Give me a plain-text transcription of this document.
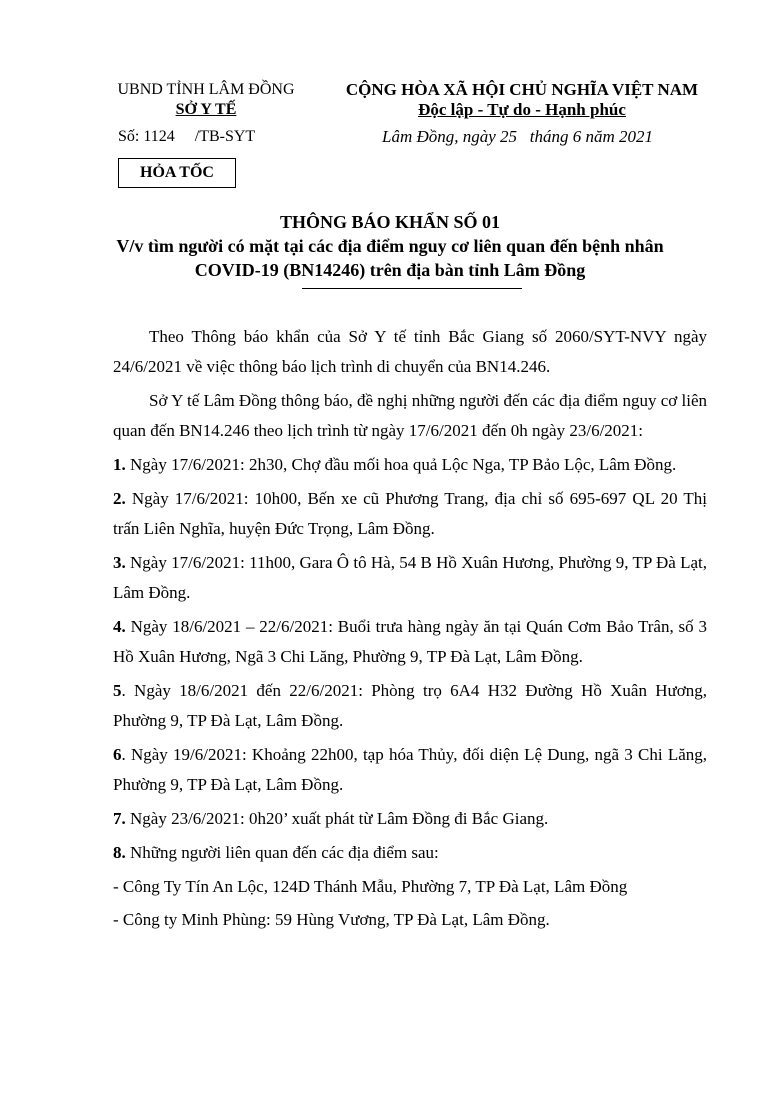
UBND TỈNH LÂM ĐỒNG
SỞ Y TẾ
CỘNG HÒA XÃ HỘI CHỦ NGHĨA VIỆT NAM
Độc lập - Tự do - Hạnh phúc
Số: 1124     /TB-SYT	Lâm Đồng, ngày 25   tháng 6 năm 2021
HỎA TỐC
THÔNG BÁO KHẨN SỐ 01
V/v tìm người có mặt tại các địa điểm nguy cơ liên quan đến bệnh nhân
COVID-19 (BN14246) trên địa bàn tỉnh Lâm Đồng

Theo Thông báo khẩn của Sở Y tế tỉnh Bắc Giang số 2060/SYT-NVY ngày 24/6/2021 về việc thông báo lịch trình di chuyển của BN14.246.

Sở Y tế Lâm Đồng thông báo, đề nghị những người đến các địa điểm nguy cơ liên quan đến BN14.246 theo lịch trình từ ngày 17/6/2021 đến 0h ngày 23/6/2021:

1. Ngày 17/6/2021: 2h30, Chợ đầu mối hoa quả Lộc Nga, TP Bảo Lộc, Lâm Đồng.

2. Ngày 17/6/2021: 10h00, Bến xe cũ Phương Trang, địa chỉ số 695-697 QL 20 Thị trấn Liên Nghĩa, huyện Đức Trọng, Lâm Đồng.

3. Ngày 17/6/2021: 11h00, Gara Ô tô Hà, 54 B Hồ Xuân Hương, Phường 9, TP Đà Lạt, Lâm Đồng.

4. Ngày 18/6/2021 – 22/6/2021: Buổi trưa hàng ngày ăn tại Quán Cơm Bảo Trân, số 3 Hồ Xuân Hương, Ngã 3 Chi Lăng, Phường 9, TP Đà Lạt, Lâm Đồng.

5. Ngày 18/6/2021 đến 22/6/2021: Phòng trọ 6A4 H32 Đường Hồ Xuân Hương, Phường 9, TP Đà Lạt, Lâm Đồng.

6. Ngày 19/6/2021: Khoảng 22h00, tạp hóa Thủy, đối diện Lệ Dung, ngã 3 Chi Lăng, Phường 9, TP Đà Lạt, Lâm Đồng.

7. Ngày 23/6/2021: 0h20’ xuất phát từ Lâm Đồng đi Bắc Giang.

8. Những người liên quan đến các địa điểm sau:

- Công Ty Tín An Lộc, 124D Thánh Mẫu, Phường 7, TP Đà Lạt, Lâm Đồng

- Công ty Minh Phùng: 59 Hùng Vương, TP Đà Lạt, Lâm Đồng.
